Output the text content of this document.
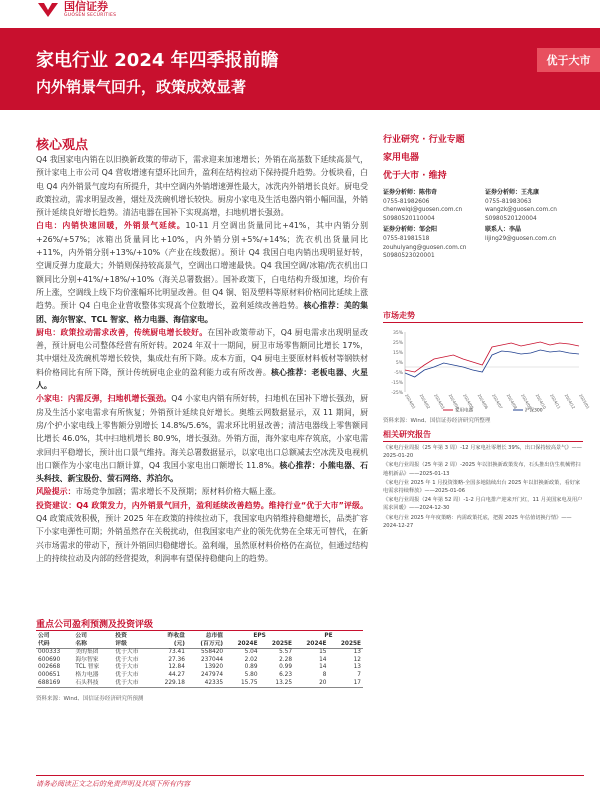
国信证券
GUOSEN SECURITIES
家电行业 2024 年四季报前瞻
内外销景气回升，政策成效显著
优于大市
核心观点

Q4 我国家电内销在以旧换新政策的带动下，需求迎来加速增长；外销在高基数下延续高景气，预计家电上市公司 Q4 营收增速有望环比回升，盈利在结构拉动下保持提升趋势。分板块看，白电 Q4 内外销景气度均有所提升，其中空调内外销增速弹性最大，冰洗内外销增长良好。厨电受政策拉动，需求明显改善，烟灶及洗碗机增长较快。厨房小家电及生活电器内销小幅回温，外销预计延续良好增长趋势。清洁电器在国补下实现高增，扫地机增长强劲。

白电：内销快速回暖，外销景气延续。10-11 月空调出货量同比+41%，其中内销分别+26%/+57%；冰箱出货量同比+10%，内外销分别+5%/+14%；洗衣机出货量同比+11%，内外销分别+13%/+10%（产业在线数据）。预计 Q4 我国白电内销出现明显好转，空调反弹力度最大；外销则保持较高景气，空调出口增速最快。Q4 我国空调/冰箱/洗衣机出口额同比分别+41%/+18%/+10%（海关总署数据）。国补政策下，白电结构升级加速，均价有所上涨，空调线上线下均价涨幅环比明显改善。但 Q4 铜、铝及塑料等原材料价格同比延续上涨趋势。预计 Q4 白电企业营收整体实现高个位数增长，盈利延续改善趋势。核心推荐：美的集团、海尔智家、TCL 智家、格力电器、海信家电。

厨电：政策拉动需求改善，传统厨电增长较好。在国补政策带动下，Q4 厨电需求出现明显改善，预计厨电公司整体经营有所好转。2024 年双十一期间，厨卫市场零售额同比增长 17%，其中烟灶及洗碗机等增长较快，集成灶有所下降。成本方面，Q4 厨电主要原材料板材等钢铁材料价格同比有所下降，预计传统厨电企业的盈利能力或有所改善。核心推荐：老板电器、火星人。

小家电：内需反弹，扫地机增长强劲。Q4 小家电内销有所好转，扫地机在国补下增长强劲，厨房及生活小家电需求有所恢复；外销预计延续良好增长。奥维云网数据显示，双 11 期间，厨房/个护小家电线上零售额分别增长 14.8%/5.6%，需求环比明显改善；清洁电器线上零售额同比增长 46.0%，其中扫地机增长 80.9%，增长强劲。外销方面，海外家电库存筑底，小家电需求回归平稳增长，预计出口景气维持。海关总署数据显示，以家电出口总额减去空冰洗及电视机出口额作为小家电出口额计算，Q4 我国小家电出口额增长 11.8%。核心推荐：小熊电器、石头科技、新宝股份、萤石网络、苏泊尔。

风险提示：市场竞争加剧；需求增长不及预期；原材料价格大幅上涨。

投资建议：Q4 政策发力，内外销景气回升，盈利延续改善趋势。维持行业“优于大市”评级。Q4 政策成效积极，预计 2025 年在政策的持续拉动下，我国家电内销维持稳健增长，品类扩容下小家电弹性可期；外销虽然存在关税扰动，但我国家电产业的领先优势在全球无可替代，在新兴市场需求的带动下，预计外销回归稳健增长。盈利端，虽然原材料价格仍在高位，但通过结构上的持续拉动及内部的经营提效，利润率有望保持稳健向上的趋势。

行业研究 · 行业专题
家用电器
优于大市 · 维持
证券分析师：陈伟奇
0755-81982606
chenweiqi@guosen.com.cn
S0980520110004
证券分析师：王兆康
0755-81983063
wangzk@guosen.com.cn
S0980520120004
证券分析师：邹会阳
0755-81981518
zouhuiyang@guosen.com.cn
S0980523020001
联系人：李晶
lijing29@guosen.com.cn
市场走势
35%
25%
15%
5%
-5%
-15%
-25% 2024/01 2024/02 2024/03 2024/04 2024/05 2024/06 2024/07 2024/08 2024/09 2024/10 2024/11 2024/12 2025/01
家用电器	沪深300
资料来源：Wind、国信证券经济研究所整理
相关研究报告
《家电行业周报（25 年第 3 周）-12 月家电社零增长 39%，出口保持较高景气》——2025-01-20
《家电行业周报（25 年第 2 周）-2025 年以旧换新政策发布，石头推出仿生机械臂扫地机新品》——2025-01-13
《家电行业 2025 年 1 月投资策略-全国多地陆续出台 2025 年以旧换新政策，看好家电需求持续释放》——2025-01-06
《家电行业周报（24 年第 52 周）-1-2 月白电排产迎来开门红，11 月美国家电及用户需求回暖》——2024-12-30
《家电行业 2025 年年度策略：内需政策托底，把握 2025 年估值切换行情》——2024-12-27
重点公司盈利预测及投资评级
公司	公司	投资	昨收盘	总市值	EPS		PE	
代码	名称	评级	(元)	(百万元)	2024E	2025E	2024E	2025E
000333	美的集团	优于大市	73.41	558420	5.04	5.57	15	13
600690	海尔智家	优于大市	27.36	237044	2.02	2.28	14	12
002668	TCL 智家	优于大市	12.84	13920	0.89	0.99	14	13
000651	格力电器	优于大市	44.27	247974	5.80	6.23	8	7
688169	石头科技	优于大市	229.18	42335	15.75	13.25	20	17
资料来源：Wind、国信证券经济研究所预测
请务必阅读正文之后的免责声明及其项下所有内容
